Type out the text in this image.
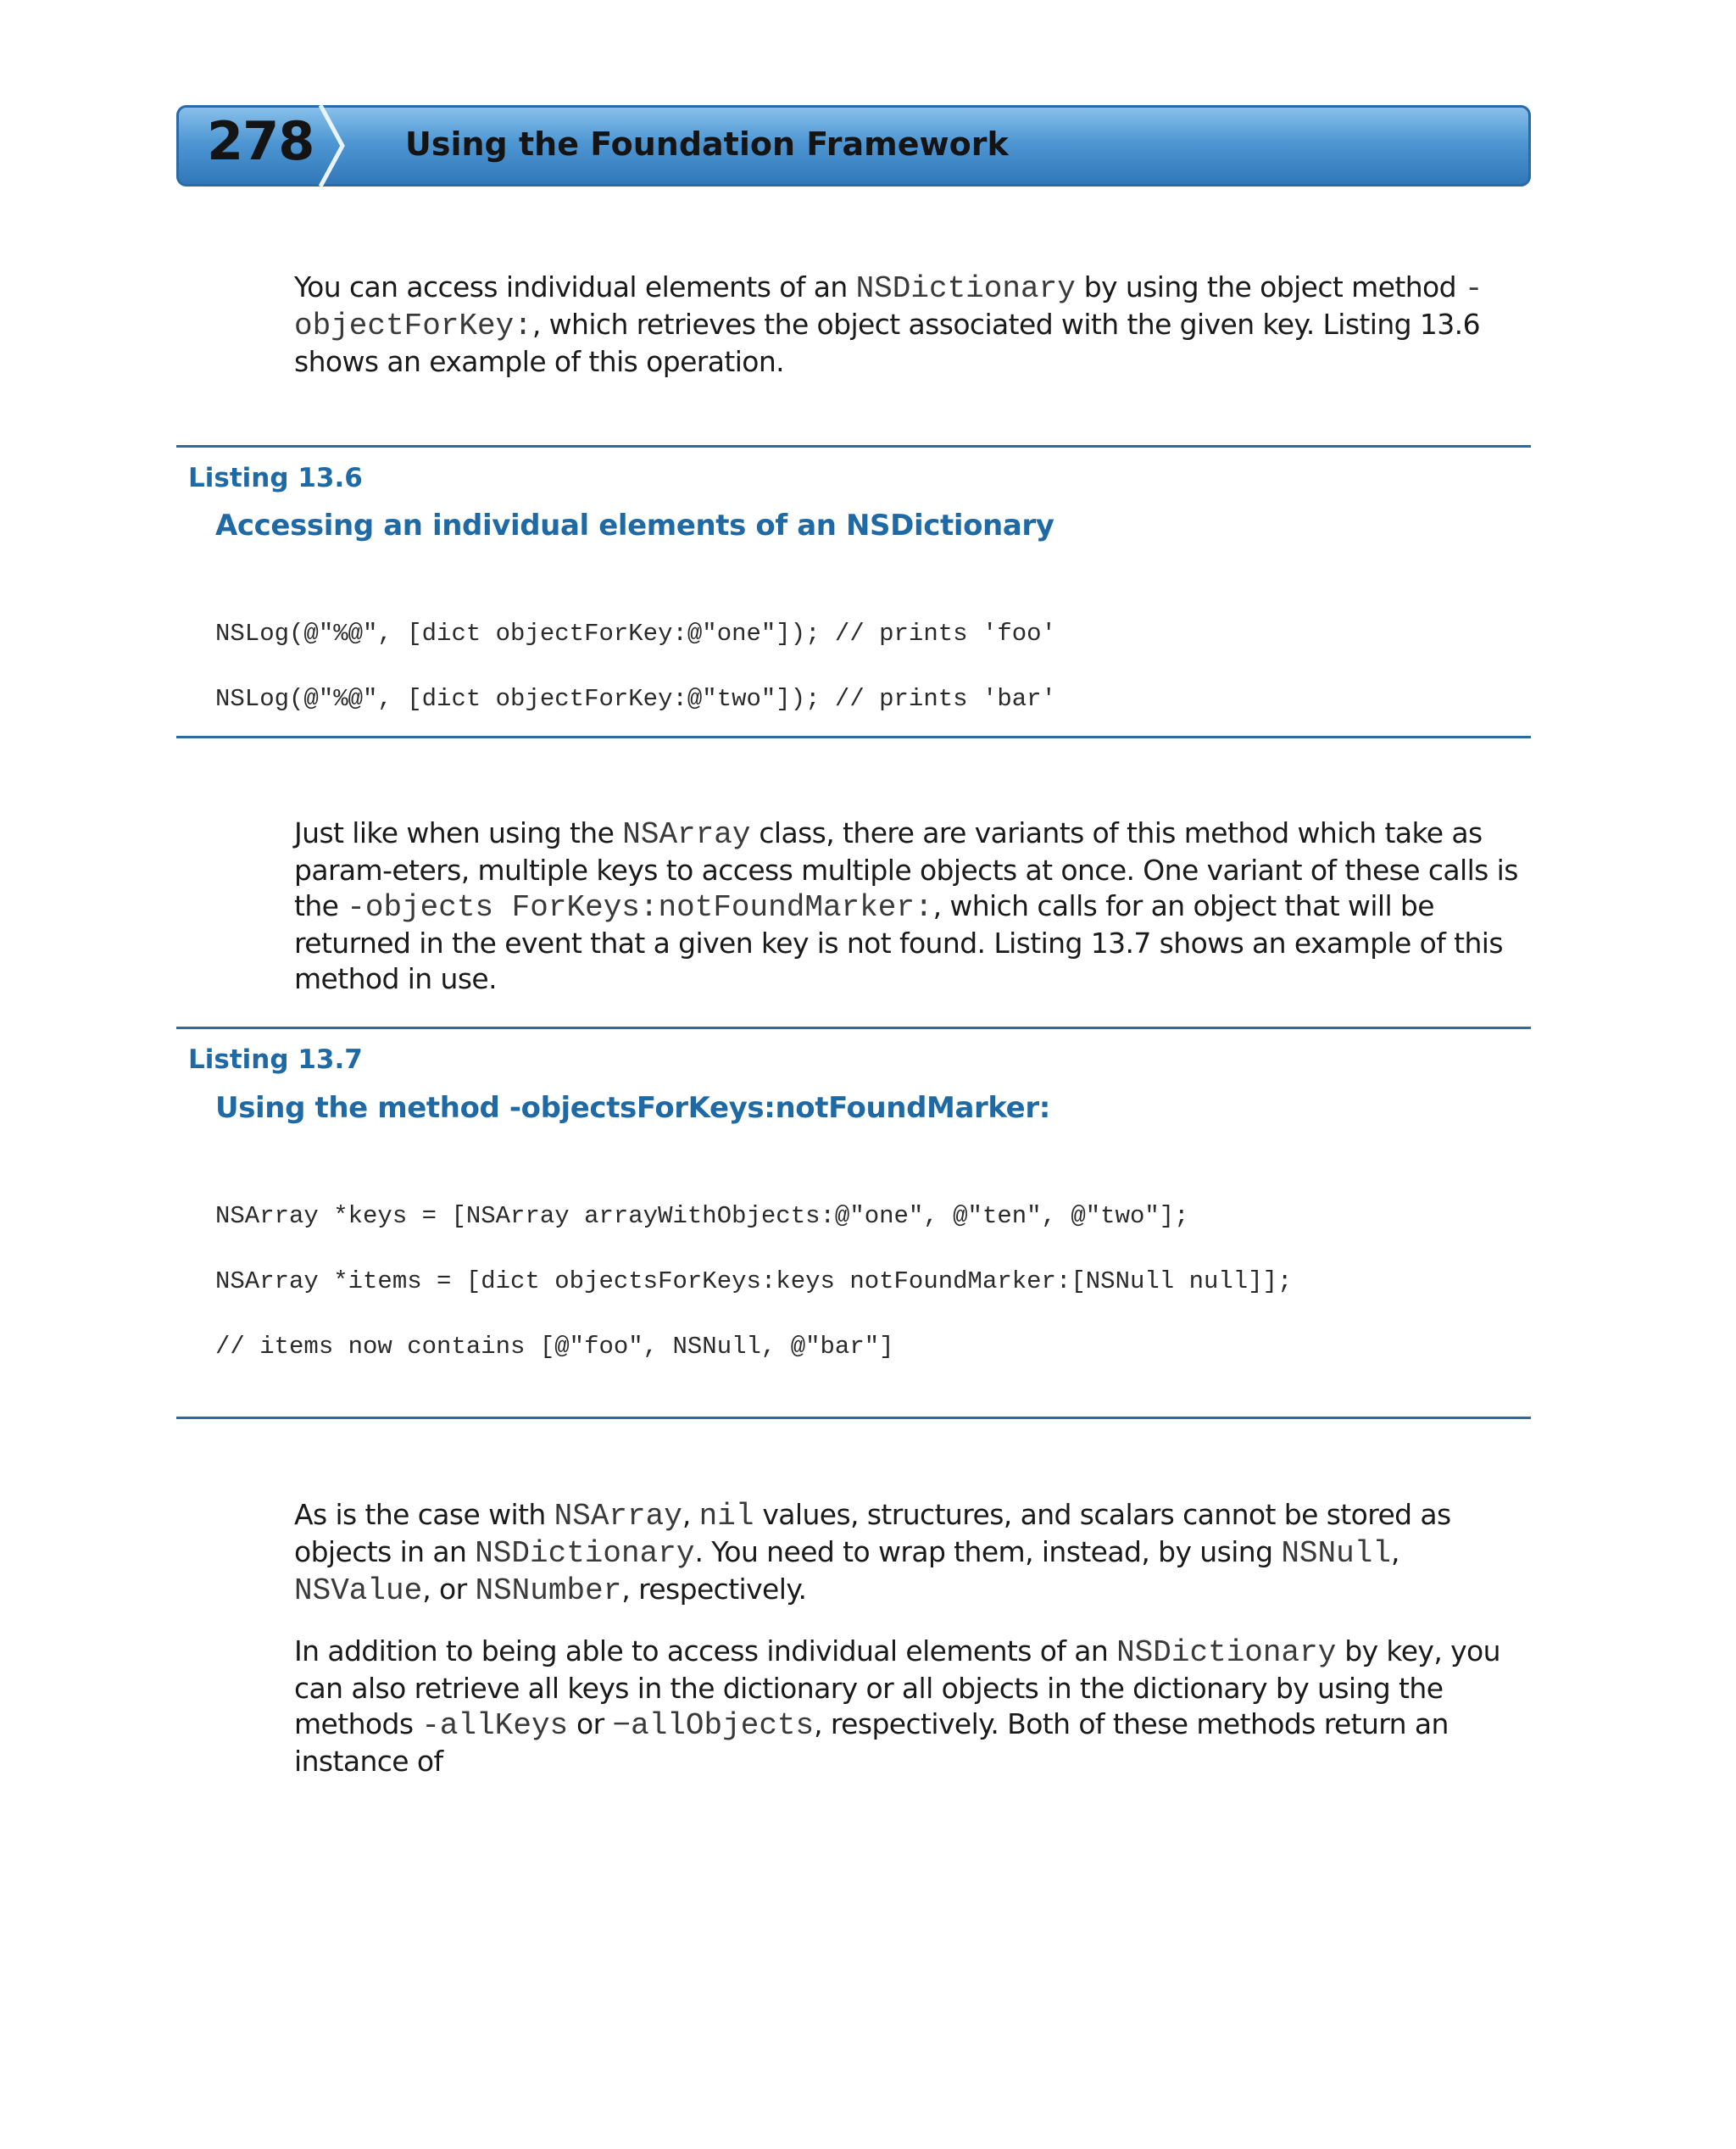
278	Using the Foundation Framework

You can access individual elements of an NSDictionary by using the object method -objectForKey:, which retrieves the object associated with the given key. Listing 13.6 shows an example of this operation.

Listing 13.6
Accessing an individual elements of an NSDictionary
NSLog(@"%@", [dict objectForKey:@"one"]); // prints 'foo'
NSLog(@"%@", [dict objectForKey:@"two"]); // prints 'bar'

Just like when using the NSArray class, there are variants of this method which take as param-eters, multiple keys to access multiple objects at once. One variant of these calls is the -objects ForKeys:notFoundMarker:, which calls for an object that will be returned in the event that a given key is not found. Listing 13.7 shows an example of this method in use.

Listing 13.7
Using the method -objectsForKeys:notFoundMarker:
NSArray *keys = [NSArray arrayWithObjects:@"one", @"ten", @"two"];
NSArray *items = [dict objectsForKeys:keys notFoundMarker:[NSNull null]];
// items now contains [@"foo", NSNull, @"bar"]

As is the case with NSArray, nil values, structures, and scalars cannot be stored as objects in an NSDictionary. You need to wrap them, instead, by using NSNull, NSValue, or NSNumber, respectively.

In addition to being able to access individual elements of an NSDictionary by key, you can also retrieve all keys in the dictionary or all objects in the dictionary by using the methods -allKeys or −allObjects, respectively. Both of these methods return an instance of
